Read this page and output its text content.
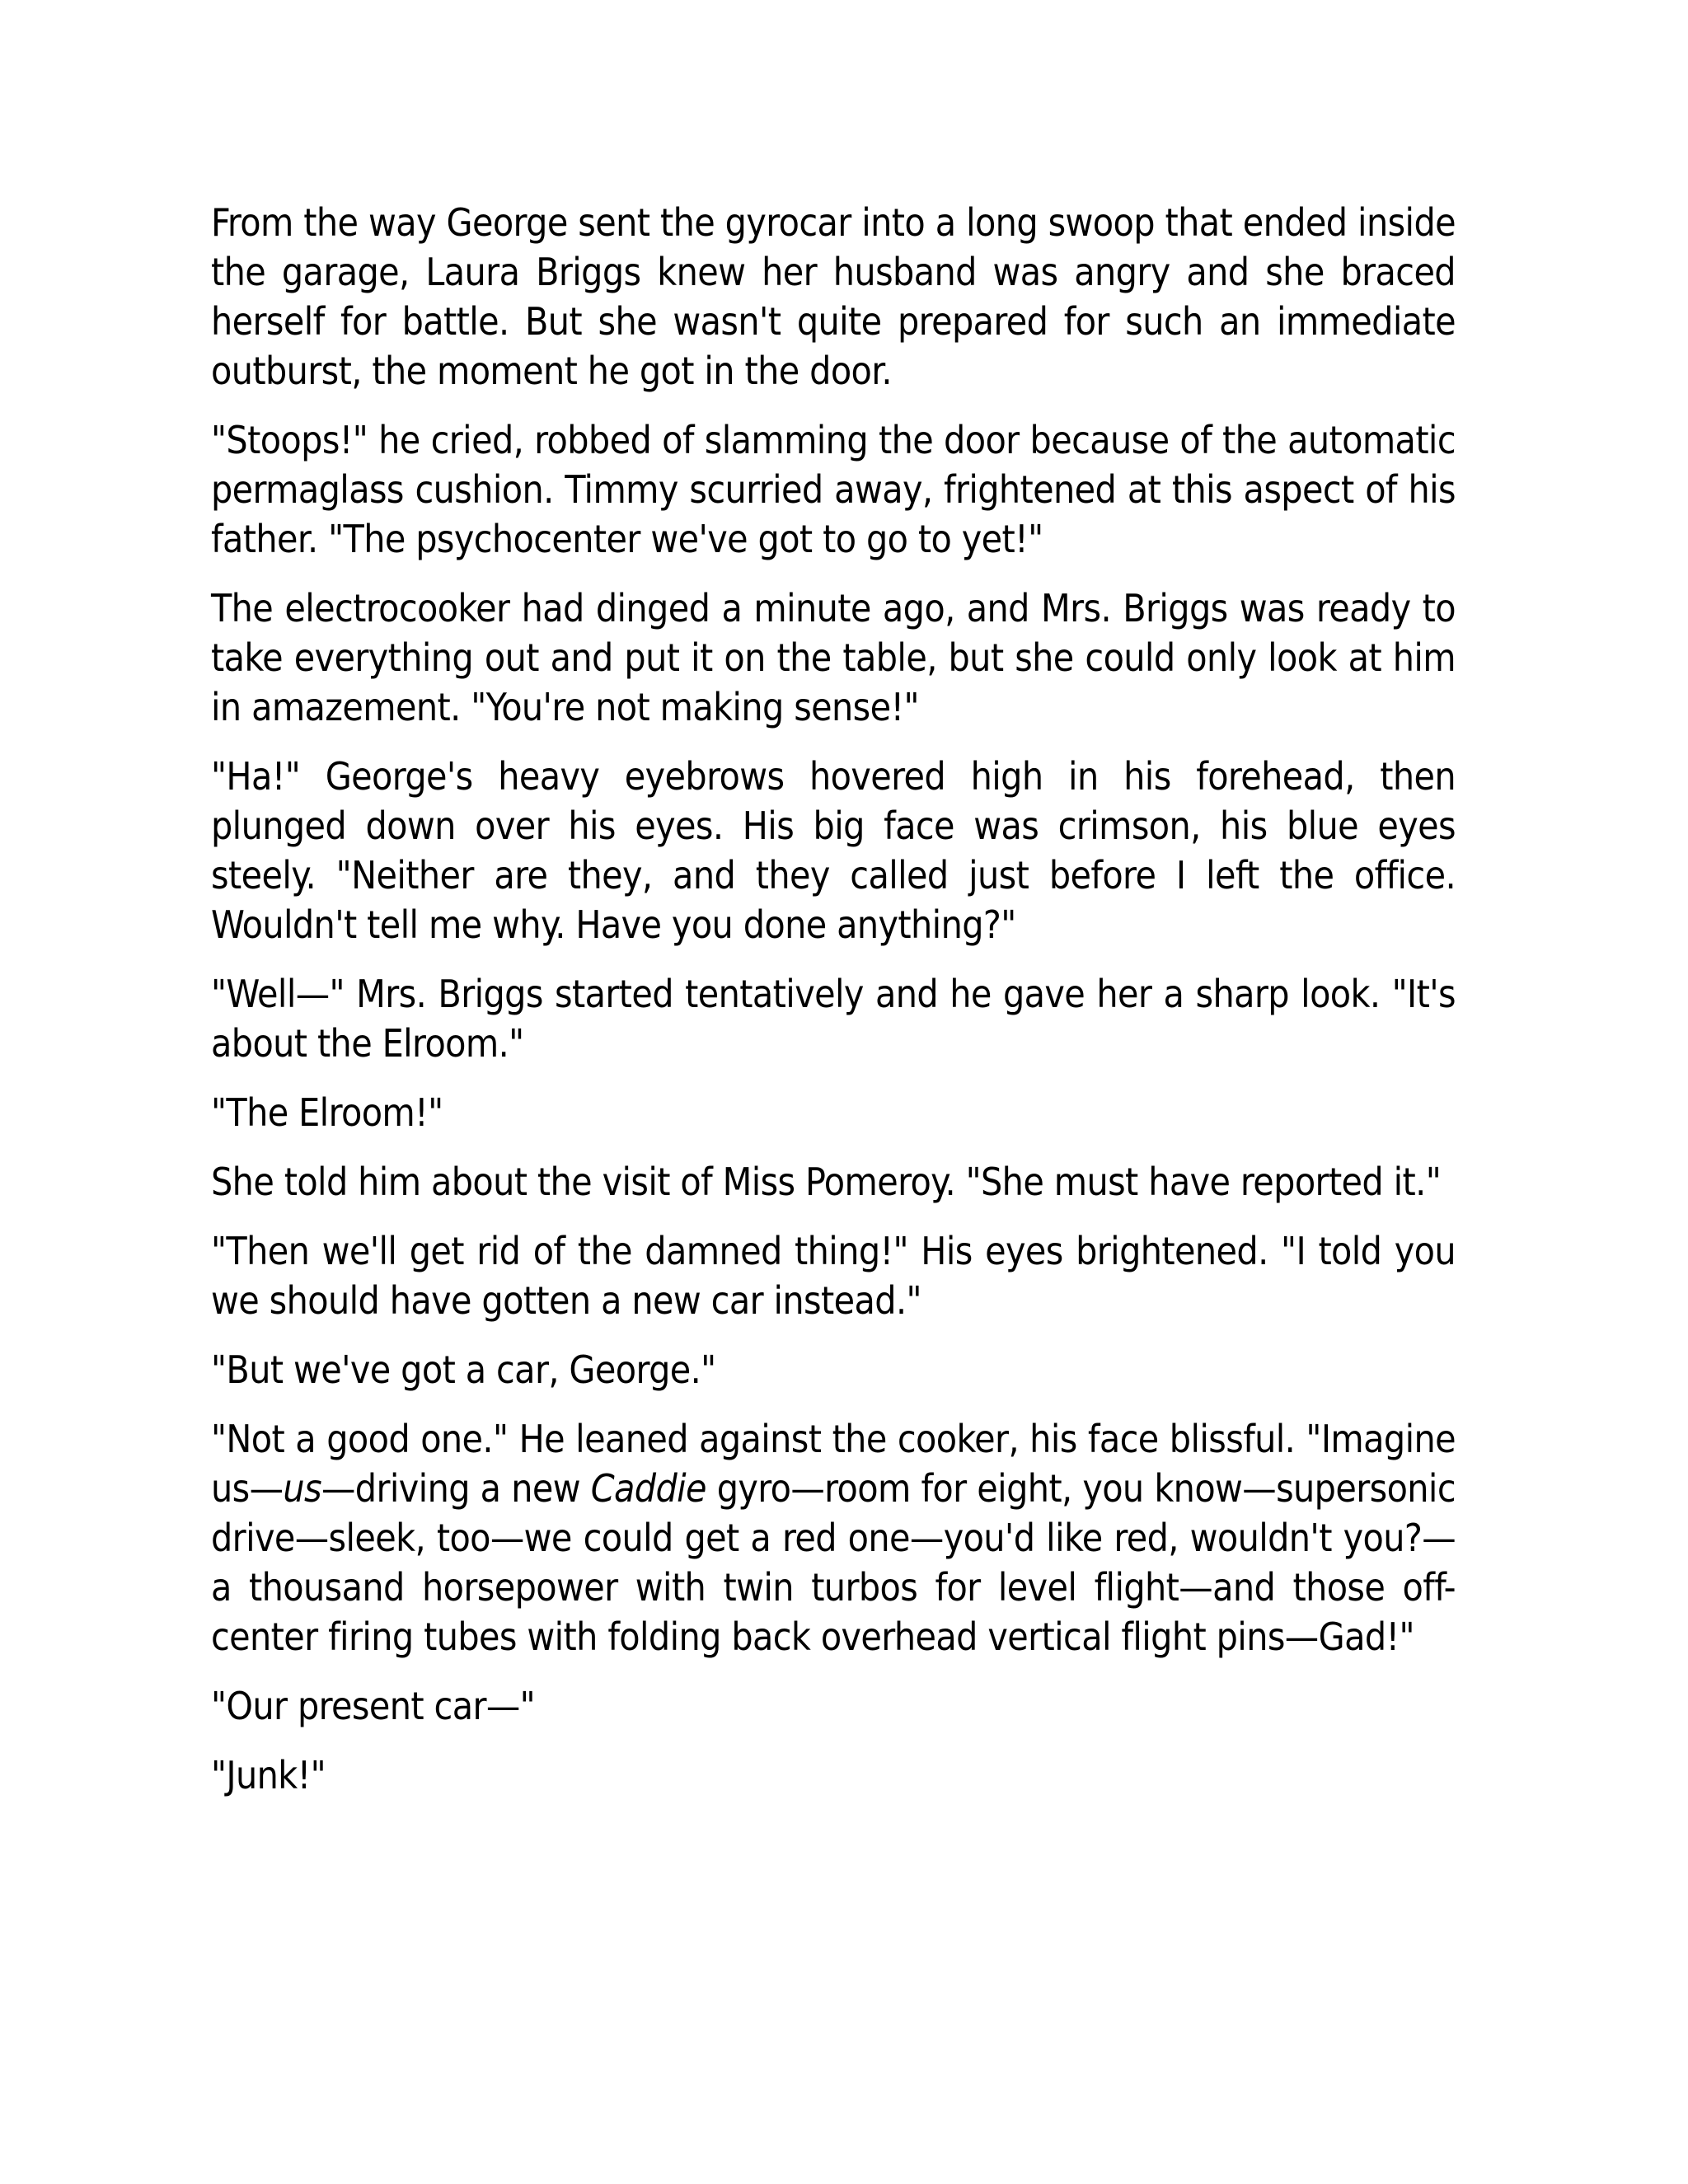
From the way George sent the gyrocar into a long swoop that ended inside the garage, Laura Briggs knew her husband was angry and she braced herself for battle. But she wasn't quite prepared for such an immediate outburst, the moment he got in the door.

"Stoops!" he cried, robbed of slamming the door because of the automatic permaglass cushion. Timmy scurried away, frightened at this aspect of his father. "The psychocenter we've got to go to yet!"

The electrocooker had dinged a minute ago, and Mrs. Briggs was ready to take everything out and put it on the table, but she could only look at him in amazement. "You're not making sense!"

"Ha!" George's heavy eyebrows hovered high in his forehead, then plunged down over his eyes. His big face was crimson, his blue eyes steely. "Neither are they, and they called just before I left the office. Wouldn't tell me why. Have you done anything?"

"Well—" Mrs. Briggs started tentatively and he gave her a sharp look. "It's about the Elroom."

"The Elroom!"

She told him about the visit of Miss Pomeroy. "She must have reported it."

"Then we'll get rid of the damned thing!" His eyes brightened. "I told you we should have gotten a new car instead."

"But we've got a car, George."

"Not a good one." He leaned against the cooker, his face blissful. "Imagine us—us—driving a new Caddie gyro—room for eight, you know—supersonic drive—sleek, too—we could get a red one—you'd like red, wouldn't you?—a thousand horsepower with twin turbos for level flight—and those off-center firing tubes with folding back overhead vertical flight pins—Gad!"

"Our present car—"

"Junk!"
